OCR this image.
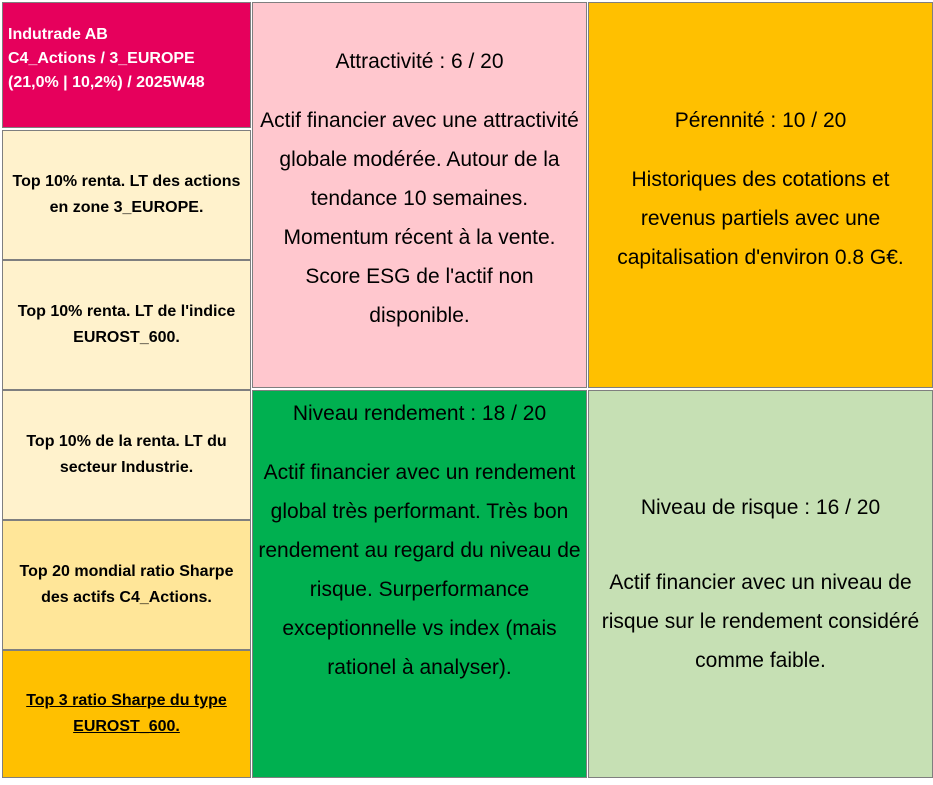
Indutrade AB
C4_Actions / 3_EUROPE
(21,0% | 10,2%) / 2025W48
Top 10% renta. LT des actions en zone 3_EUROPE.
Top 10% renta. LT de l'indice EUROST_600.
Top 10% de la renta. LT du secteur Industrie.
Top 20 mondial ratio Sharpe des actifs C4_Actions.
Top 3 ratio Sharpe du type EUROST_600.
Attractivité : 6 / 20
Actif financier avec une attractivité globale modérée. Autour de la tendance 10 semaines. Momentum récent à la vente. Score ESG de l'actif non disponible.
Pérennité : 10 / 20
Historiques des cotations et revenus partiels avec une capitalisation d'environ 0.8 G€.
Niveau rendement : 18 / 20
Actif financier avec un rendement global très performant. Très bon rendement au regard du niveau de risque. Surperformance exceptionnelle vs index (mais rationel à analyser).
Niveau de risque : 16 / 20
Actif financier avec un niveau de risque sur le rendement considéré comme faible.
